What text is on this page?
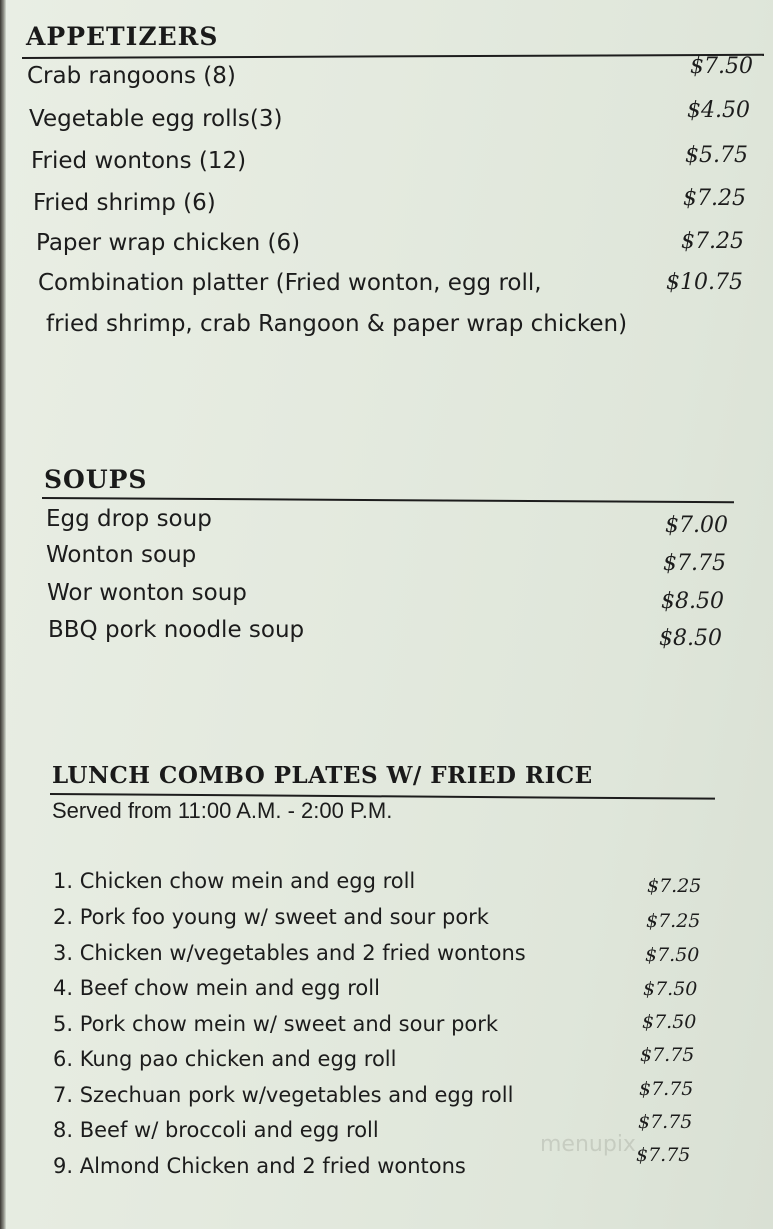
APPETIZERS
Crab rangoons (8)	$7.50
Vegetable egg rolls(3)	$4.50
Fried wontons (12)	$5.75
Fried shrimp (6)	$7.25
Paper wrap chicken (6)	$7.25
Combination platter (Fried wonton, egg roll,
fried shrimp, crab Rangoon & paper wrap chicken)
$10.75
SOUPS
Egg drop soup	$7.00
Wonton soup	$7.75
Wor wonton soup	$8.50
BBQ pork noodle soup	$8.50
LUNCH COMBO PLATES W/ FRIED RICE
Served from 11:00 A.M. - 2:00 P.M.
1. Chicken chow mein and egg roll	$7.25
2. Pork foo young w/ sweet and sour pork	$7.25
3. Chicken w/vegetables and 2 fried wontons	$7.50
4. Beef chow mein and egg roll	$7.50
5. Pork chow mein w/ sweet and sour pork	$7.50
6. Kung pao chicken and egg roll	$7.75
7. Szechuan pork w/vegetables and egg roll	$7.75
8. Beef w/ broccoli and egg roll	$7.75
9. Almond Chicken and 2 fried wontons	$7.75
menupix
